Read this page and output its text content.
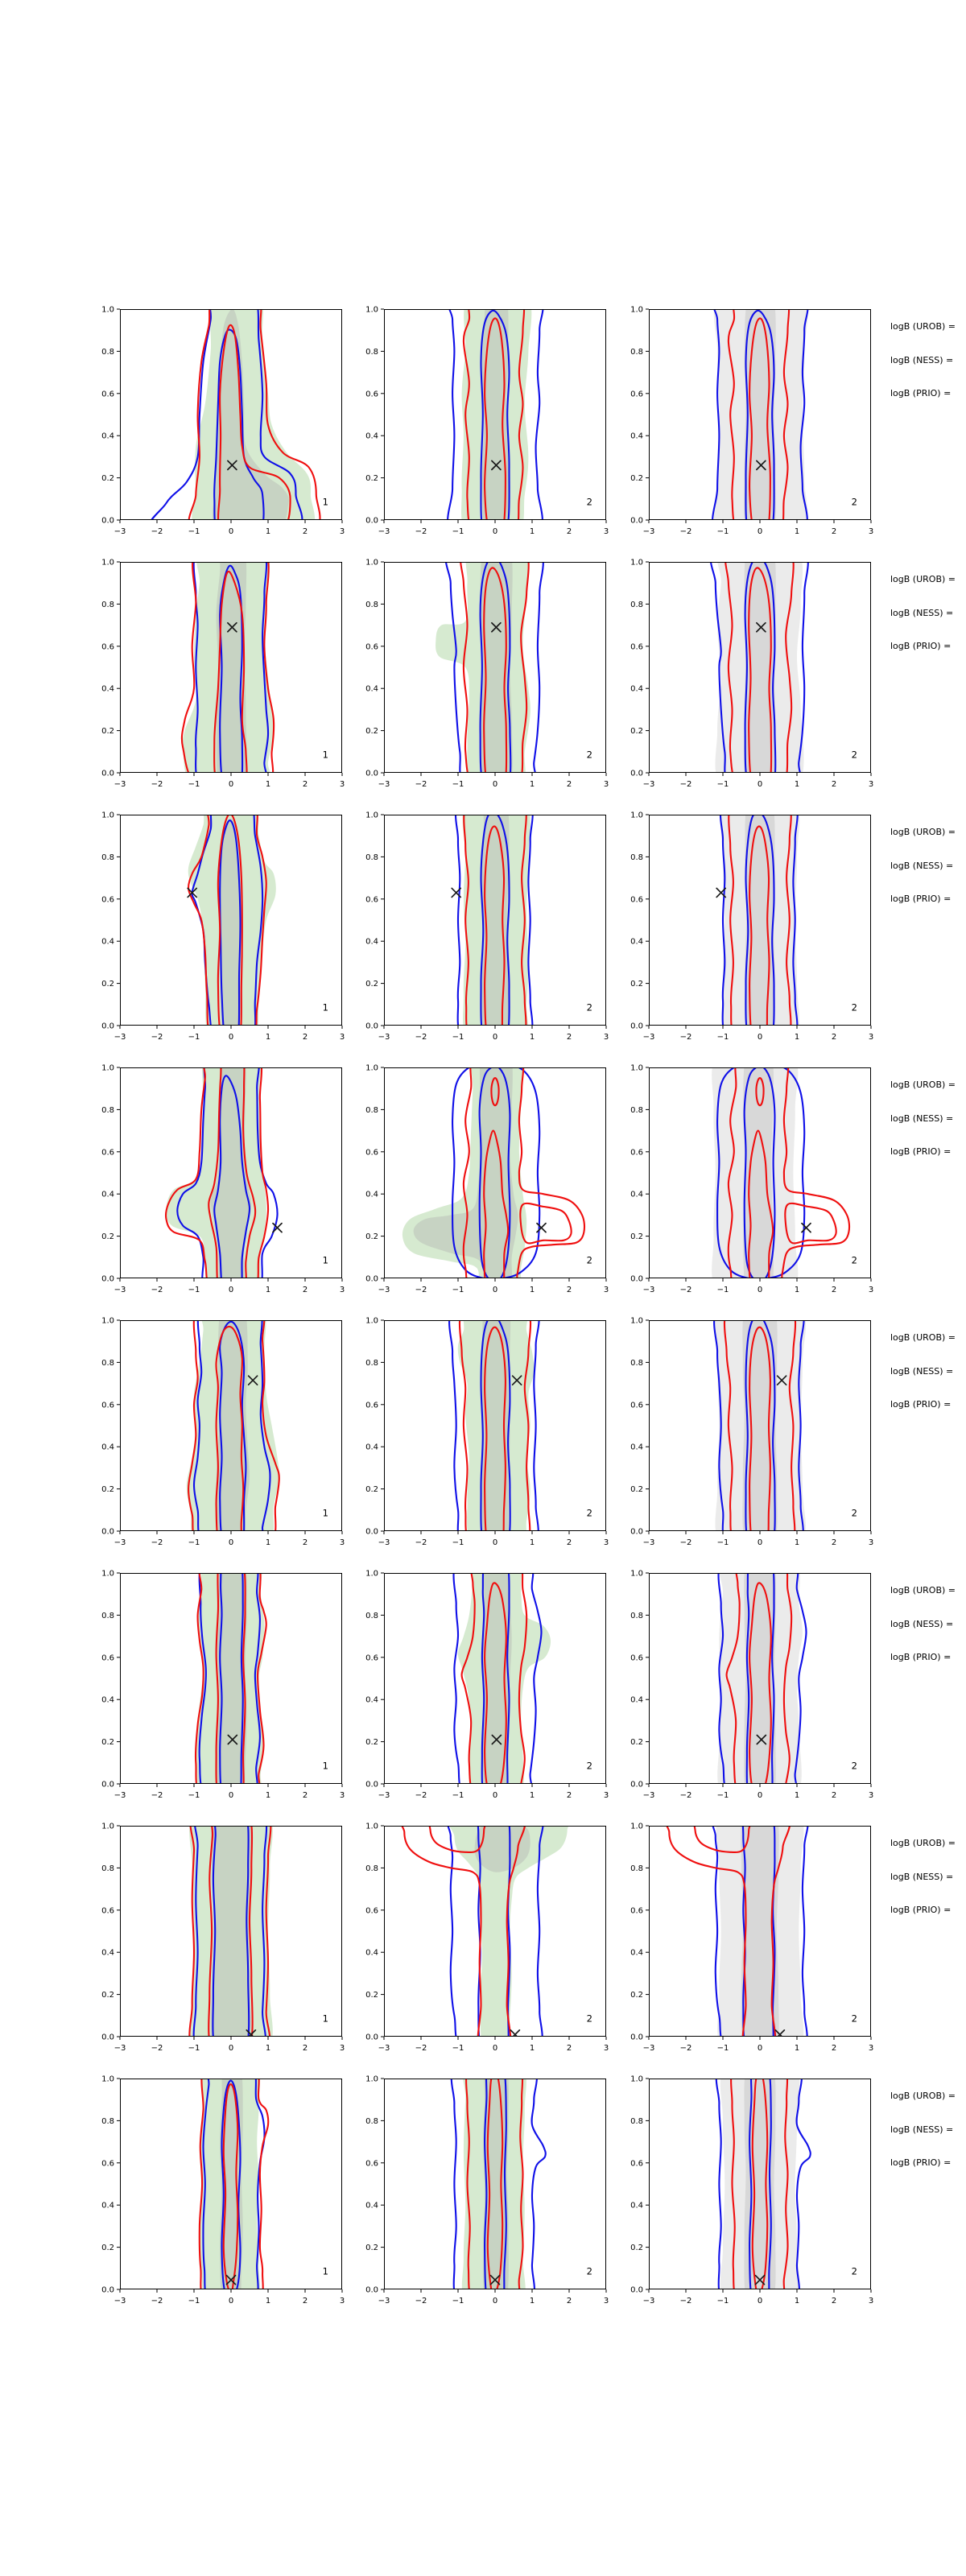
1
−3	−2	−1	0	1	2	3
0.0
0.2
0.4
0.6
0.8
1.0
2
−3	−2	−1	0	1	2	3
0.0
0.2
0.4
0.6
0.8
1.0
2
−3	−2	−1	0	1	2	3
0.0
0.2
0.4
0.6
0.8
1.0
logB (UROB) =
logB (NESS) =
logB (PRIO) =
1
−3	−2	−1	0	1	2	3
0.0
0.2
0.4
0.6
0.8
1.0
2
−3	−2	−1	0	1	2	3
0.0
0.2
0.4
0.6
0.8
1.0
2
−3	−2	−1	0	1	2	3
0.0
0.2
0.4
0.6
0.8
1.0
logB (UROB) =
logB (NESS) =
logB (PRIO) =
1
−3	−2	−1	0	1	2	3
0.0
0.2
0.4
0.6
0.8
1.0
2
−3	−2	−1	0	1	2	3
0.0
0.2
0.4
0.6
0.8
1.0
2
−3	−2	−1	0	1	2	3
0.0
0.2
0.4
0.6
0.8
1.0
logB (UROB) =
logB (NESS) =
logB (PRIO) =
1
−3	−2	−1	0	1	2	3
0.0
0.2
0.4
0.6
0.8
1.0
2
−3	−2	−1	0	1	2	3
0.0
0.2
0.4
0.6
0.8
1.0
2
−3	−2	−1	0	1	2	3
0.0
0.2
0.4
0.6
0.8
1.0
logB (UROB) =
logB (NESS) =
logB (PRIO) =
1
−3	−2	−1	0	1	2	3
0.0
0.2
0.4
0.6
0.8
1.0
2
−3	−2	−1	0	1	2	3
0.0
0.2
0.4
0.6
0.8
1.0
2
−3	−2	−1	0	1	2	3
0.0
0.2
0.4
0.6
0.8
1.0
logB (UROB) =
logB (NESS) =
logB (PRIO) =
1
−3	−2	−1	0	1	2	3
0.0
0.2
0.4
0.6
0.8
1.0
2
−3	−2	−1	0	1	2	3
0.0
0.2
0.4
0.6
0.8
1.0
2
−3	−2	−1	0	1	2	3
0.0
0.2
0.4
0.6
0.8
1.0
logB (UROB) =
logB (NESS) =
logB (PRIO) =
1
−3	−2	−1	0	1	2	3
0.0
0.2
0.4
0.6
0.8
1.0
2
−3	−2	−1	0	1	2	3
0.0
0.2
0.4
0.6
0.8
1.0
2
−3	−2	−1	0	1	2	3
0.0
0.2
0.4
0.6
0.8
1.0
logB (UROB) =
logB (NESS) =
logB (PRIO) =
1
−3	−2	−1	0	1	2	3
0.0
0.2
0.4
0.6
0.8
1.0
2
−3	−2	−1	0	1	2	3
0.0
0.2
0.4
0.6
0.8
1.0
2
−3	−2	−1	0	1	2	3
0.0
0.2
0.4
0.6
0.8
1.0
logB (UROB) =
logB (NESS) =
logB (PRIO) =
